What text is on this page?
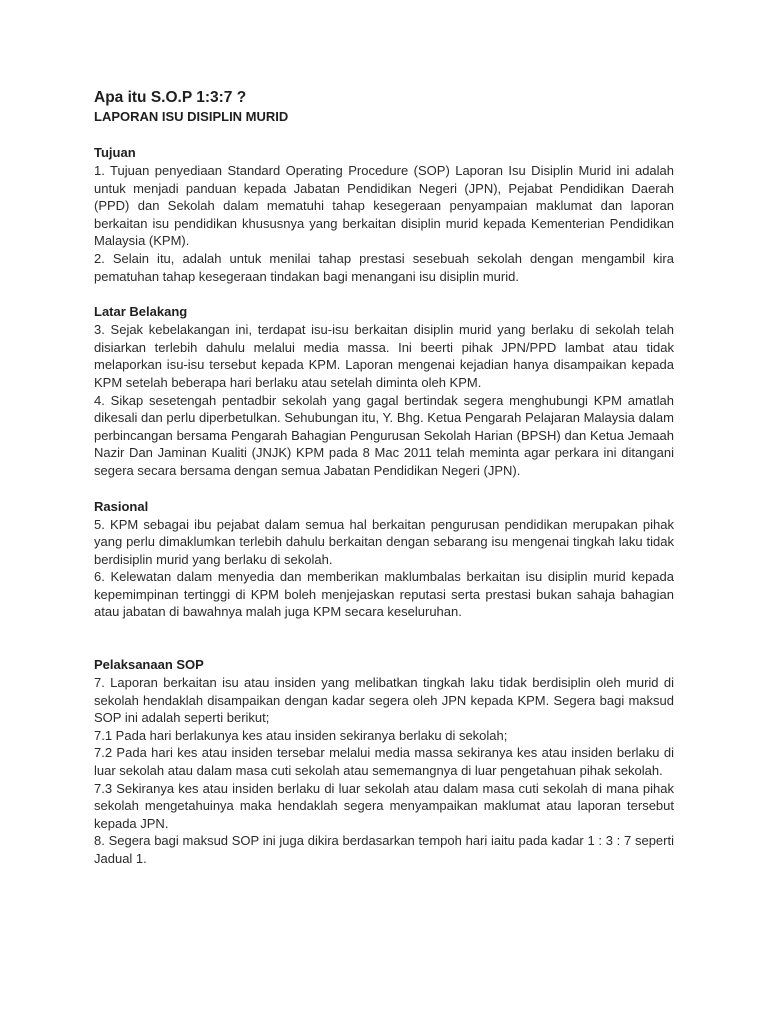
Apa itu S.O.P 1:3:7 ?
LAPORAN ISU DISIPLIN MURID
Tujuan

1. Tujuan penyediaan Standard Operating Procedure (SOP) Laporan Isu Disiplin Murid ini adalah untuk menjadi panduan kepada Jabatan Pendidikan Negeri (JPN), Pejabat Pendidikan Daerah (PPD) dan Sekolah dalam mematuhi tahap kesegeraan penyampaian maklumat dan laporan berkaitan isu pendidikan khususnya yang berkaitan disiplin murid kepada Kementerian Pendidikan Malaysia (KPM).

2. Selain itu, adalah untuk menilai tahap prestasi sesebuah sekolah dengan mengambil kira pematuhan tahap kesegeraan tindakan bagi menangani isu disiplin murid.

Latar Belakang

3. Sejak kebelakangan ini, terdapat isu-isu berkaitan disiplin murid yang berlaku di sekolah telah disiarkan terlebih dahulu melalui media massa. Ini beerti pihak JPN/PPD lambat atau tidak melaporkan isu-isu tersebut kepada KPM. Laporan mengenai kejadian hanya disampaikan kepada KPM setelah beberapa hari berlaku atau setelah diminta oleh KPM.

4. Sikap sesetengah pentadbir sekolah yang gagal bertindak segera menghubungi KPM amatlah dikesali dan perlu diperbetulkan. Sehubungan itu, Y. Bhg. Ketua Pengarah Pelajaran Malaysia dalam perbincangan bersama Pengarah Bahagian Pengurusan Sekolah Harian (BPSH) dan Ketua Jemaah Nazir Dan Jaminan Kualiti (JNJK) KPM pada 8 Mac 2011 telah meminta agar perkara ini ditangani segera secara bersama dengan semua Jabatan Pendidikan Negeri (JPN).

Rasional

5. KPM sebagai ibu pejabat dalam semua hal berkaitan pengurusan pendidikan merupakan pihak yang perlu dimaklumkan terlebih dahulu berkaitan dengan sebarang isu mengenai tingkah laku tidak berdisiplin murid yang berlaku di sekolah.

6. Kelewatan dalam menyedia dan memberikan maklumbalas berkaitan isu disiplin murid kepada kepemimpinan tertinggi di KPM boleh menjejaskan reputasi serta prestasi bukan sahaja bahagian atau jabatan di bawahnya malah juga KPM secara keseluruhan.

Pelaksanaan SOP

7. Laporan berkaitan isu atau insiden yang melibatkan tingkah laku tidak berdisiplin oleh murid di sekolah hendaklah disampaikan dengan kadar segera oleh JPN kepada KPM. Segera bagi maksud SOP ini adalah seperti berikut;

7.1 Pada hari berlakunya kes atau insiden sekiranya berlaku di sekolah;

7.2 Pada hari kes atau insiden tersebar melalui media massa sekiranya kes atau insiden berlaku di luar sekolah atau dalam masa cuti sekolah atau sememangnya di luar pengetahuan pihak sekolah.

7.3 Sekiranya kes atau insiden berlaku di luar sekolah atau dalam masa cuti sekolah di mana pihak sekolah mengetahuinya maka hendaklah segera menyampaikan maklumat atau laporan tersebut kepada JPN.

8. Segera bagi maksud SOP ini juga dikira berdasarkan tempoh hari iaitu pada kadar 1 : 3 : 7 seperti Jadual 1.
